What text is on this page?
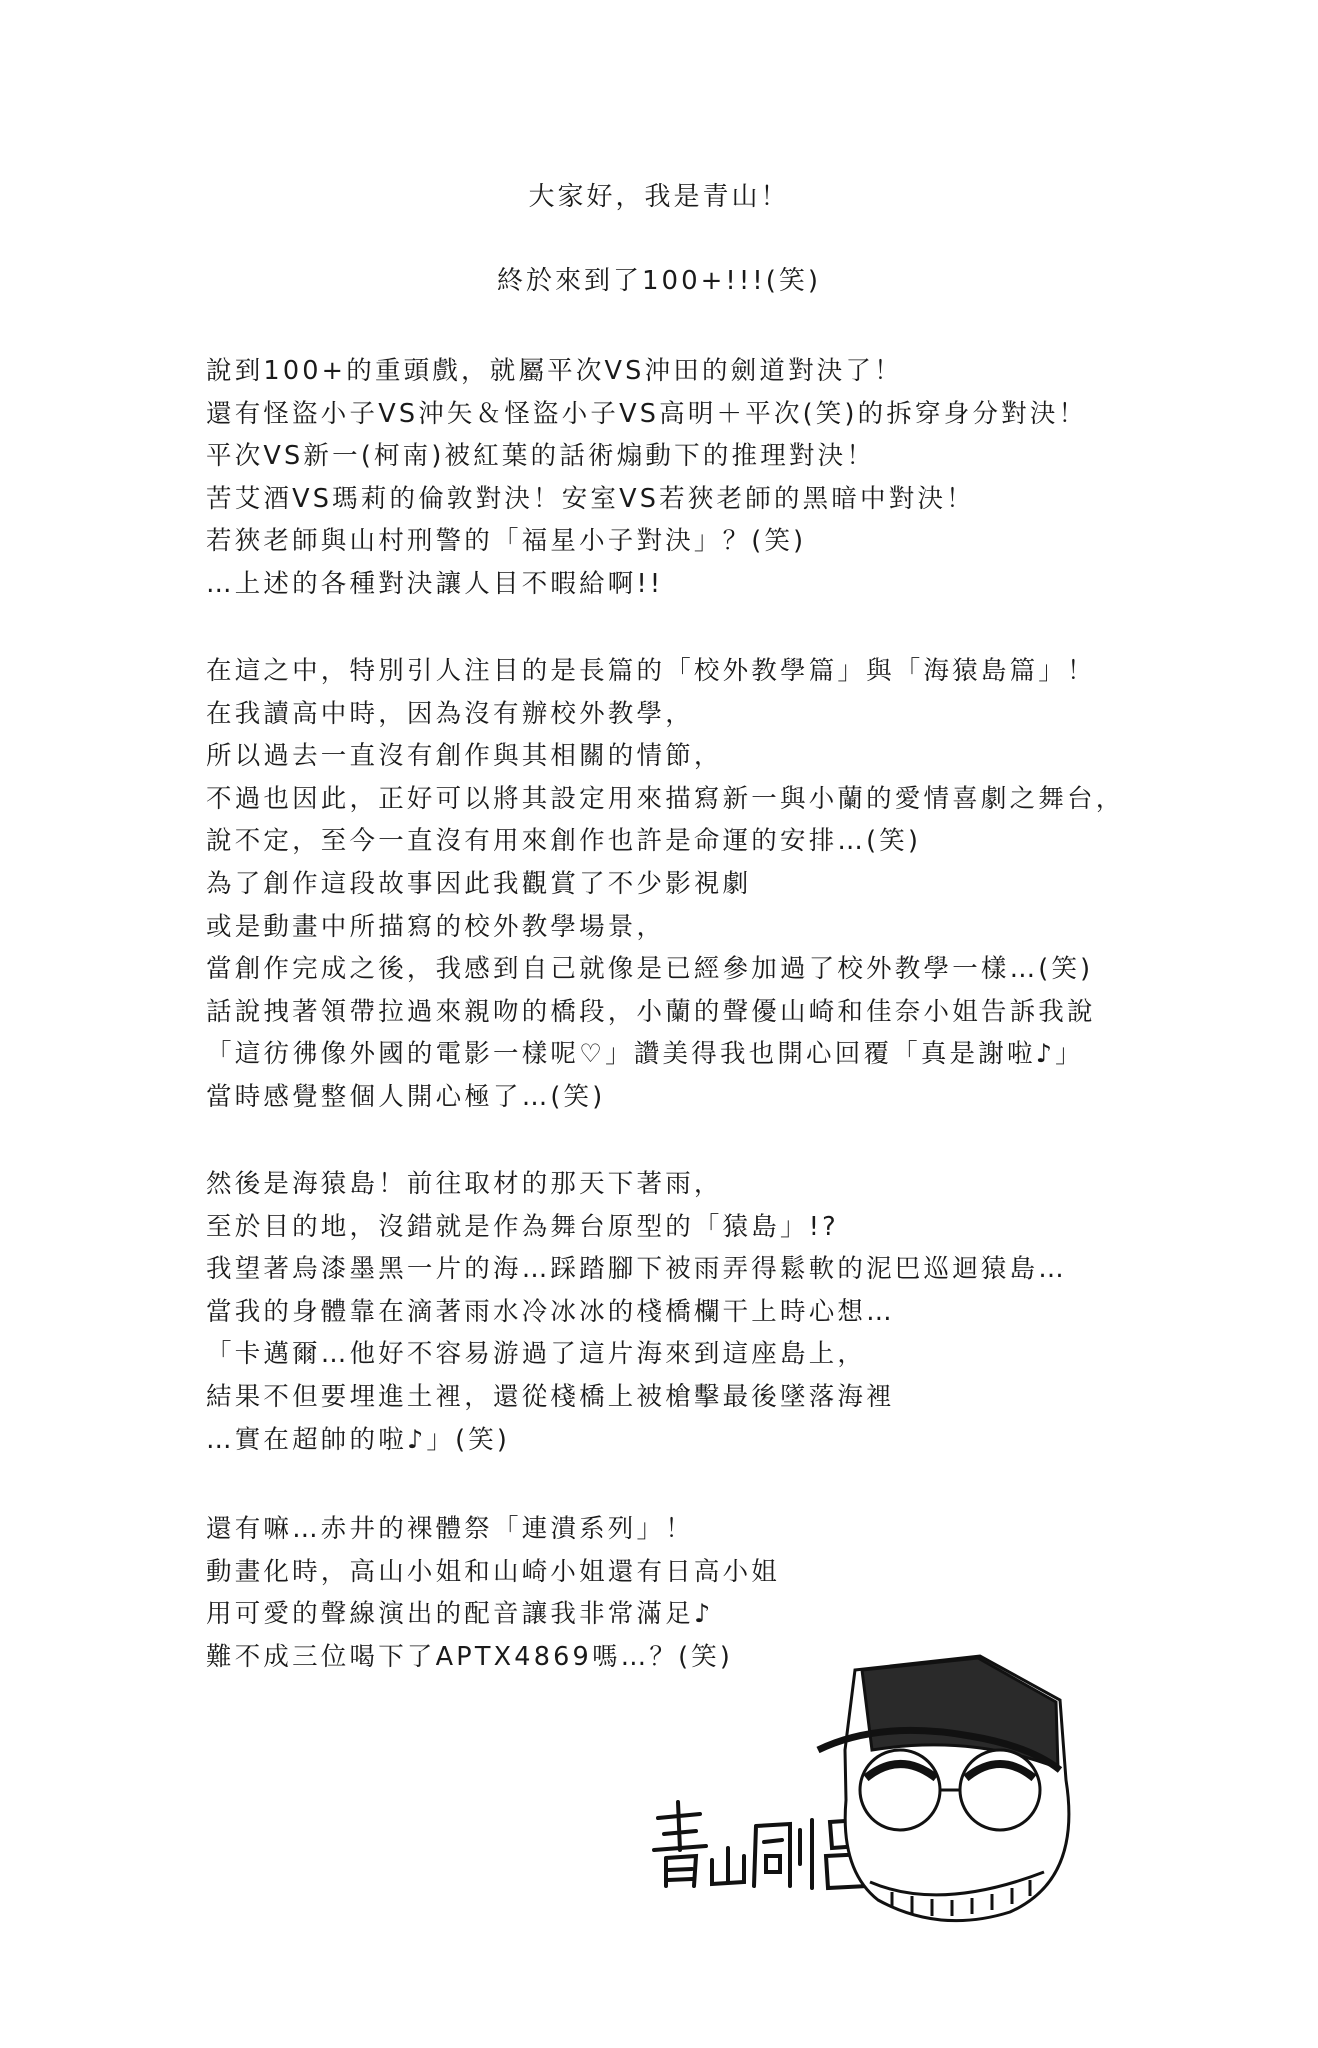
大家好，我是青山！
終於來到了100+!!!(笑)
說到100+的重頭戲，就屬平次VS沖田的劍道對決了！
還有怪盜小子VS沖矢＆怪盜小子VS高明＋平次(笑)的拆穿身分對決！
平次VS新一(柯南)被紅葉的話術煽動下的推理對決！
苦艾酒VS瑪莉的倫敦對決！安室VS若狹老師的黑暗中對決！
若狹老師與山村刑警的「福星小子對決」？(笑)
…上述的各種對決讓人目不暇給啊!!
在這之中，特別引人注目的是長篇的「校外教學篇」與「海猿島篇」！
在我讀高中時，因為沒有辦校外教學，
所以過去一直沒有創作與其相關的情節，
不過也因此，正好可以將其設定用來描寫新一與小蘭的愛情喜劇之舞台，
說不定，至今一直沒有用來創作也許是命運的安排…(笑)
為了創作這段故事因此我觀賞了不少影視劇
或是動畫中所描寫的校外教學場景，
當創作完成之後，我感到自己就像是已經參加過了校外教學一樣…(笑)
話說拽著領帶拉過來親吻的橋段，小蘭的聲優山崎和佳奈小姐告訴我說
「這彷彿像外國的電影一樣呢♡」讚美得我也開心回覆「真是謝啦♪」
當時感覺整個人開心極了…(笑)
然後是海猿島！前往取材的那天下著雨，
至於目的地，沒錯就是作為舞台原型的「猿島」!?
我望著烏漆墨黑一片的海…踩踏腳下被雨弄得鬆軟的泥巴巡迴猿島…
當我的身體靠在滴著雨水冷冰冰的棧橋欄干上時心想…
「卡邁爾…他好不容易游過了這片海來到這座島上，
結果不但要埋進土裡，還從棧橋上被槍擊最後墜落海裡
…實在超帥的啦♪」(笑)
還有嘛…赤井的裸體祭「連潰系列」！
動畫化時，高山小姐和山崎小姐還有日高小姐
用可愛的聲線演出的配音讓我非常滿足♪
難不成三位喝下了APTX4869嗎…？(笑)
